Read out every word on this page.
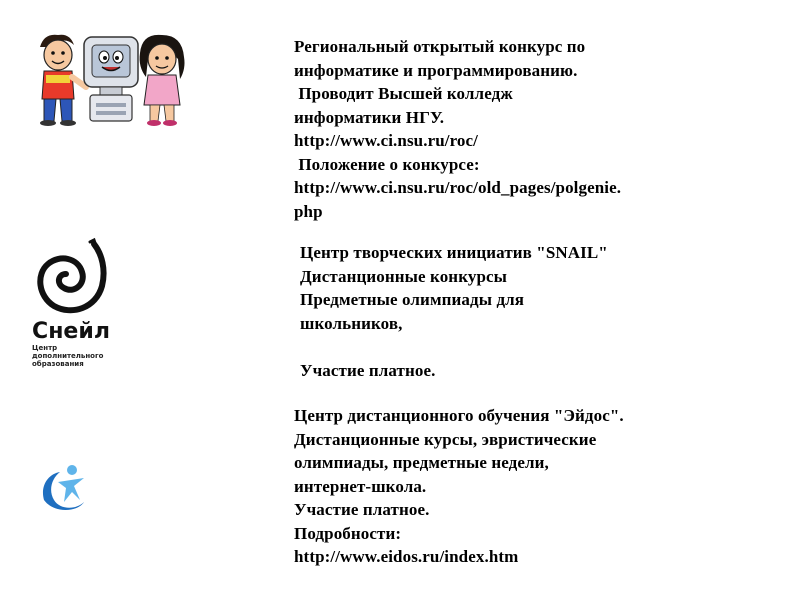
Снейл
Центр дополнительного образования
Региональный открытый конкурс по
информатике и программированию.
Проводит Высшей колледж
информатики НГУ.
http://www.ci.nsu.ru/roc/
Положение о конкурсе:
http://www.ci.nsu.ru/roc/old_pages/polgenie.
php
Центр творческих инициатив "SNAIL"
Дистанционные конкурсы
Предметные олимпиады для
школьников,
Участие платное.
Центр дистанционного обучения "Эйдос".
Дистанционные курсы, эвристические
олимпиады, предметные недели,
интернет-школа.
Участие платное.
Подробности:
http://www.eidos.ru/index.htm
